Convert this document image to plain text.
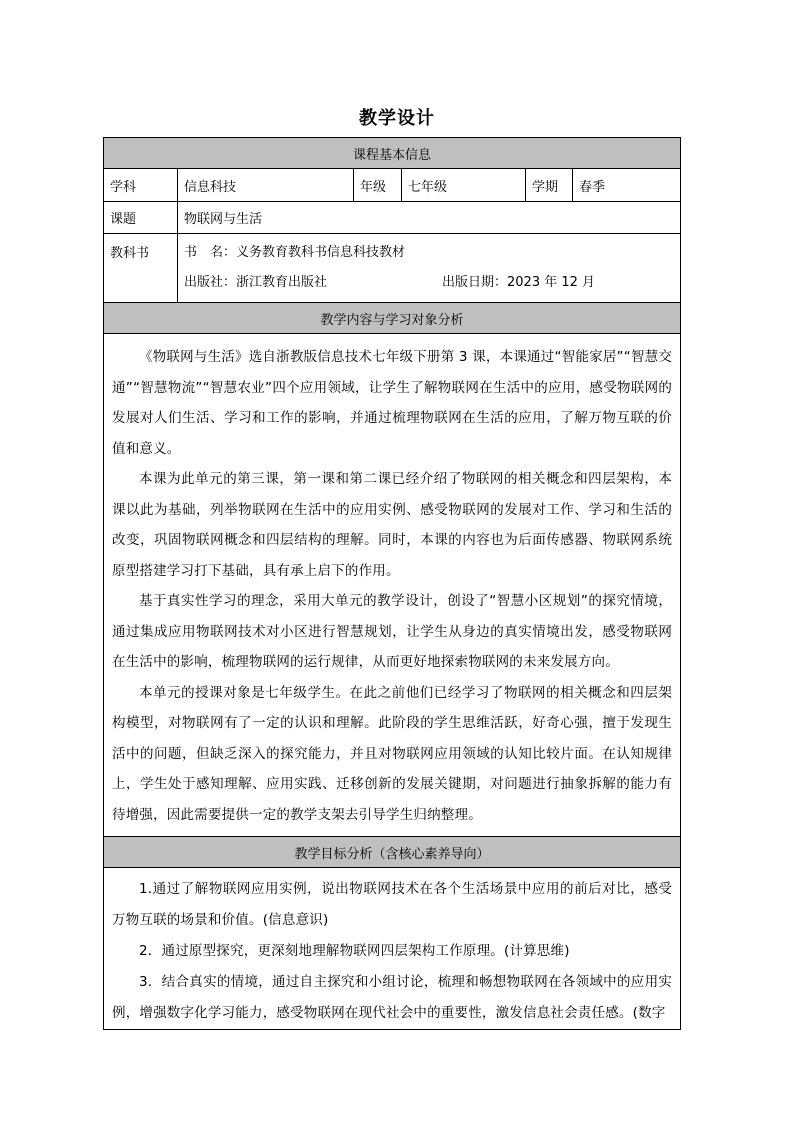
教学设计
课程基本信息					
学科	信息科技	年级	七年级	学期	春季
课题	物联网与生活				
教科书	书　名：义务教育教科书信息科技教材
出版社：浙江教育出版社 出版日期：2023 年 12 月				

教学内容与学习对象分析					

《物联网与生活》选自浙教版信息技术七年级下册第 3 课，本课通过“智能家居”“智慧交通”“智慧物流”“智慧农业”四个应用领域，让学生了解物联网在生活中的应用，感受物联网的发展对人们生活、学习和工作的影响，并通过梳理物联网在生活的应用，了解万物互联的价值和意义。

本课为此单元的第三课，第一课和第二课已经介绍了物联网的相关概念和四层架构，本课以此为基础，列举物联网在生活中的应用实例、感受物联网的发展对工作、学习和生活的改变，巩固物联网概念和四层结构的理解。同时，本课的内容也为后面传感器、物联网系统原型搭建学习打下基础，具有承上启下的作用。

基于真实性学习的理念，采用大单元的教学设计，创设了“智慧小区规划”的探究情境，通过集成应用物联网技术对小区进行智慧规划，让学生从身边的真实情境出发，感受物联网在生活中的影响，梳理物联网的运行规律，从而更好地探索物联网的未来发展方向。

本单元的授课对象是七年级学生。在此之前他们已经学习了物联网的相关概念和四层架构模型，对物联网有了一定的认识和理解。此阶段的学生思维活跃，好奇心强，擅于发现生活中的问题，但缺乏深入的探究能力，并且对物联网应用领域的认知比较片面。在认知规律上，学生处于感知理解、应用实践、迁移创新的发展关键期，对问题进行抽象拆解的能力有待增强，因此需要提供一定的教学支架去引导学生归纳整理。					

教学目标分析（含核心素养导向）					

1.通过了解物联网应用实例，说出物联网技术在各个生活场景中应用的前后对比，感受万物互联的场景和价值。(信息意识)

2．通过原型探究，更深刻地理解物联网四层架构工作原理。(计算思维)

3．结合真实的情境，通过自主探究和小组讨论，梳理和畅想物联网在各领域中的应用实例，增强数字化学习能力，感受物联网在现代社会中的重要性，激发信息社会责任感。(数字					
